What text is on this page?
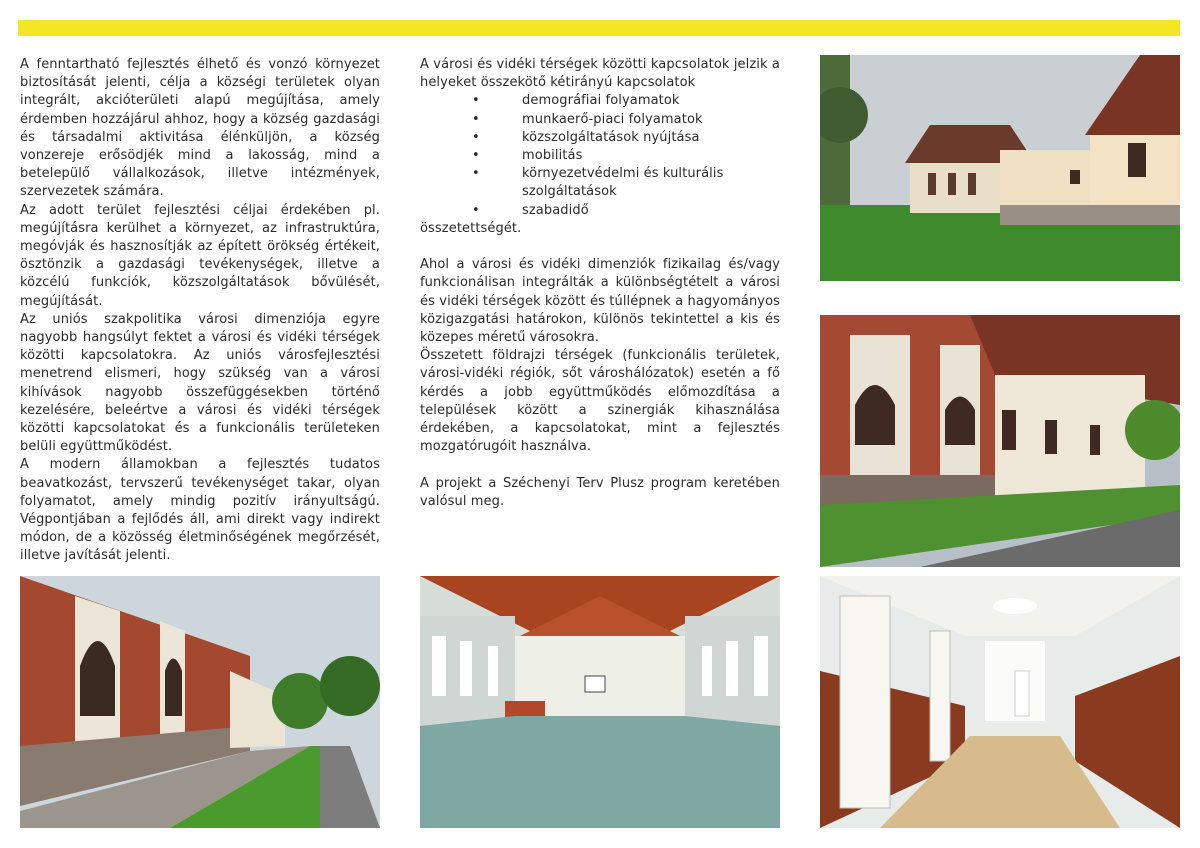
A fenntartható fejlesztés élhető és vonzó környezet biztosítását jelenti, célja a községi területek olyan integrált, akcióterületi alapú megújítása, amely érdemben hozzájárul ahhoz, hogy a község gazdasági és társadalmi aktivitása élénküljön, a község vonzereje erősödjék mind a lakosság, mind a betelepülő vállalkozások, illetve intézmények, szervezetek számára.

Az adott terület fejlesztési céljai érdekében pl. megújításra kerülhet a környezet, az infrastruktúra, megóvják és hasznosítják az épített örökség értékeit, ösztönzik a gazdasági tevékenységek, illetve a közcélú funkciók, közszolgáltatások bővülését, megújítását.

Az uniós szakpolitika városi dimenziója egyre nagyobb hangsúlyt fektet a városi és vidéki térségek közötti kapcsolatokra. Az uniós városfejlesztési menetrend elismeri, hogy szükség van a városi kihívások nagyobb összefüggésekben történő kezelésére, beleértve a városi és vidéki térségek közötti kapcsolatokat és a funkcionális területeken belüli együttműködést.

A modern államokban a fejlesztés tudatos beavatkozást, tervszerű tevékenységet takar, olyan folyamatot, amely mindig pozitív irányultságú. Végpontjában a fejlődés áll, ami direkt vagy indirekt módon, de a közösség életminőségének megőrzését, illetve javítását jelenti.

A városi és vidéki térségek közötti kapcsolatok jelzik a helyeket összekötő kétirányú kapcsolatok

•	demográfiai folyamatok
•	munkaerő-piaci folyamatok
•	közszolgáltatások nyújtása
•	mobilitás
•	környezetvédelmi és kulturális szolgáltatások
•	szabadidő

összetettségét.

Ahol a városi és vidéki dimenziók fizikailag és/vagy funkcionálisan integrálták a különbségtételt a városi és vidéki térségek között és túllépnek a hagyományos közigazgatási határokon, különös tekintettel a kis és közepes méretű városokra.

Összetett földrajzi térségek (funkcionális területek, városi-vidéki régiók, sőt városhálózatok) esetén a fő kérdés a jobb együttműködés előmozdítása a települések között a szinergiák kihasználása érdekében, a kapcsolatokat, mint a fejlesztés mozgatórugóit használva.

A projekt a Széchenyi Terv Plusz program keretében valósul meg.
